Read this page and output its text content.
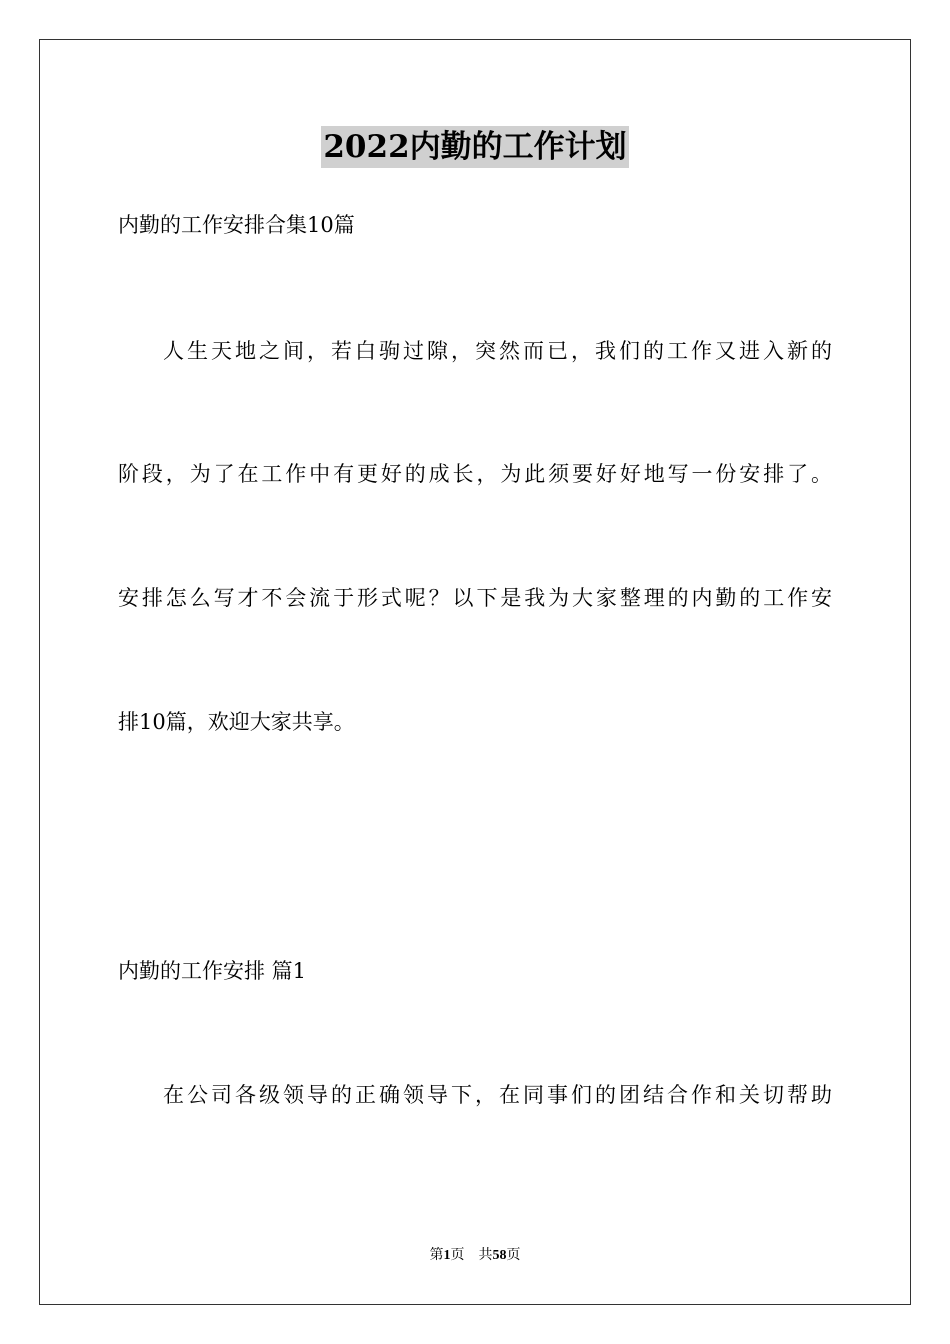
2022内勤的工作计划
内勤的工作安排合集10篇
人生天地之间，若白驹过隙，突然而已，我们的工作又进入新的
阶段，为了在工作中有更好的成长，为此须要好好地写一份安排了。
安排怎么写才不会流于形式呢？以下是我为大家整理的内勤的工作安
排10篇，欢迎大家共享。
内勤的工作安排 篇1
在公司各级领导的正确领导下，在同事们的团结合作和关切帮助
第1页 共58页
